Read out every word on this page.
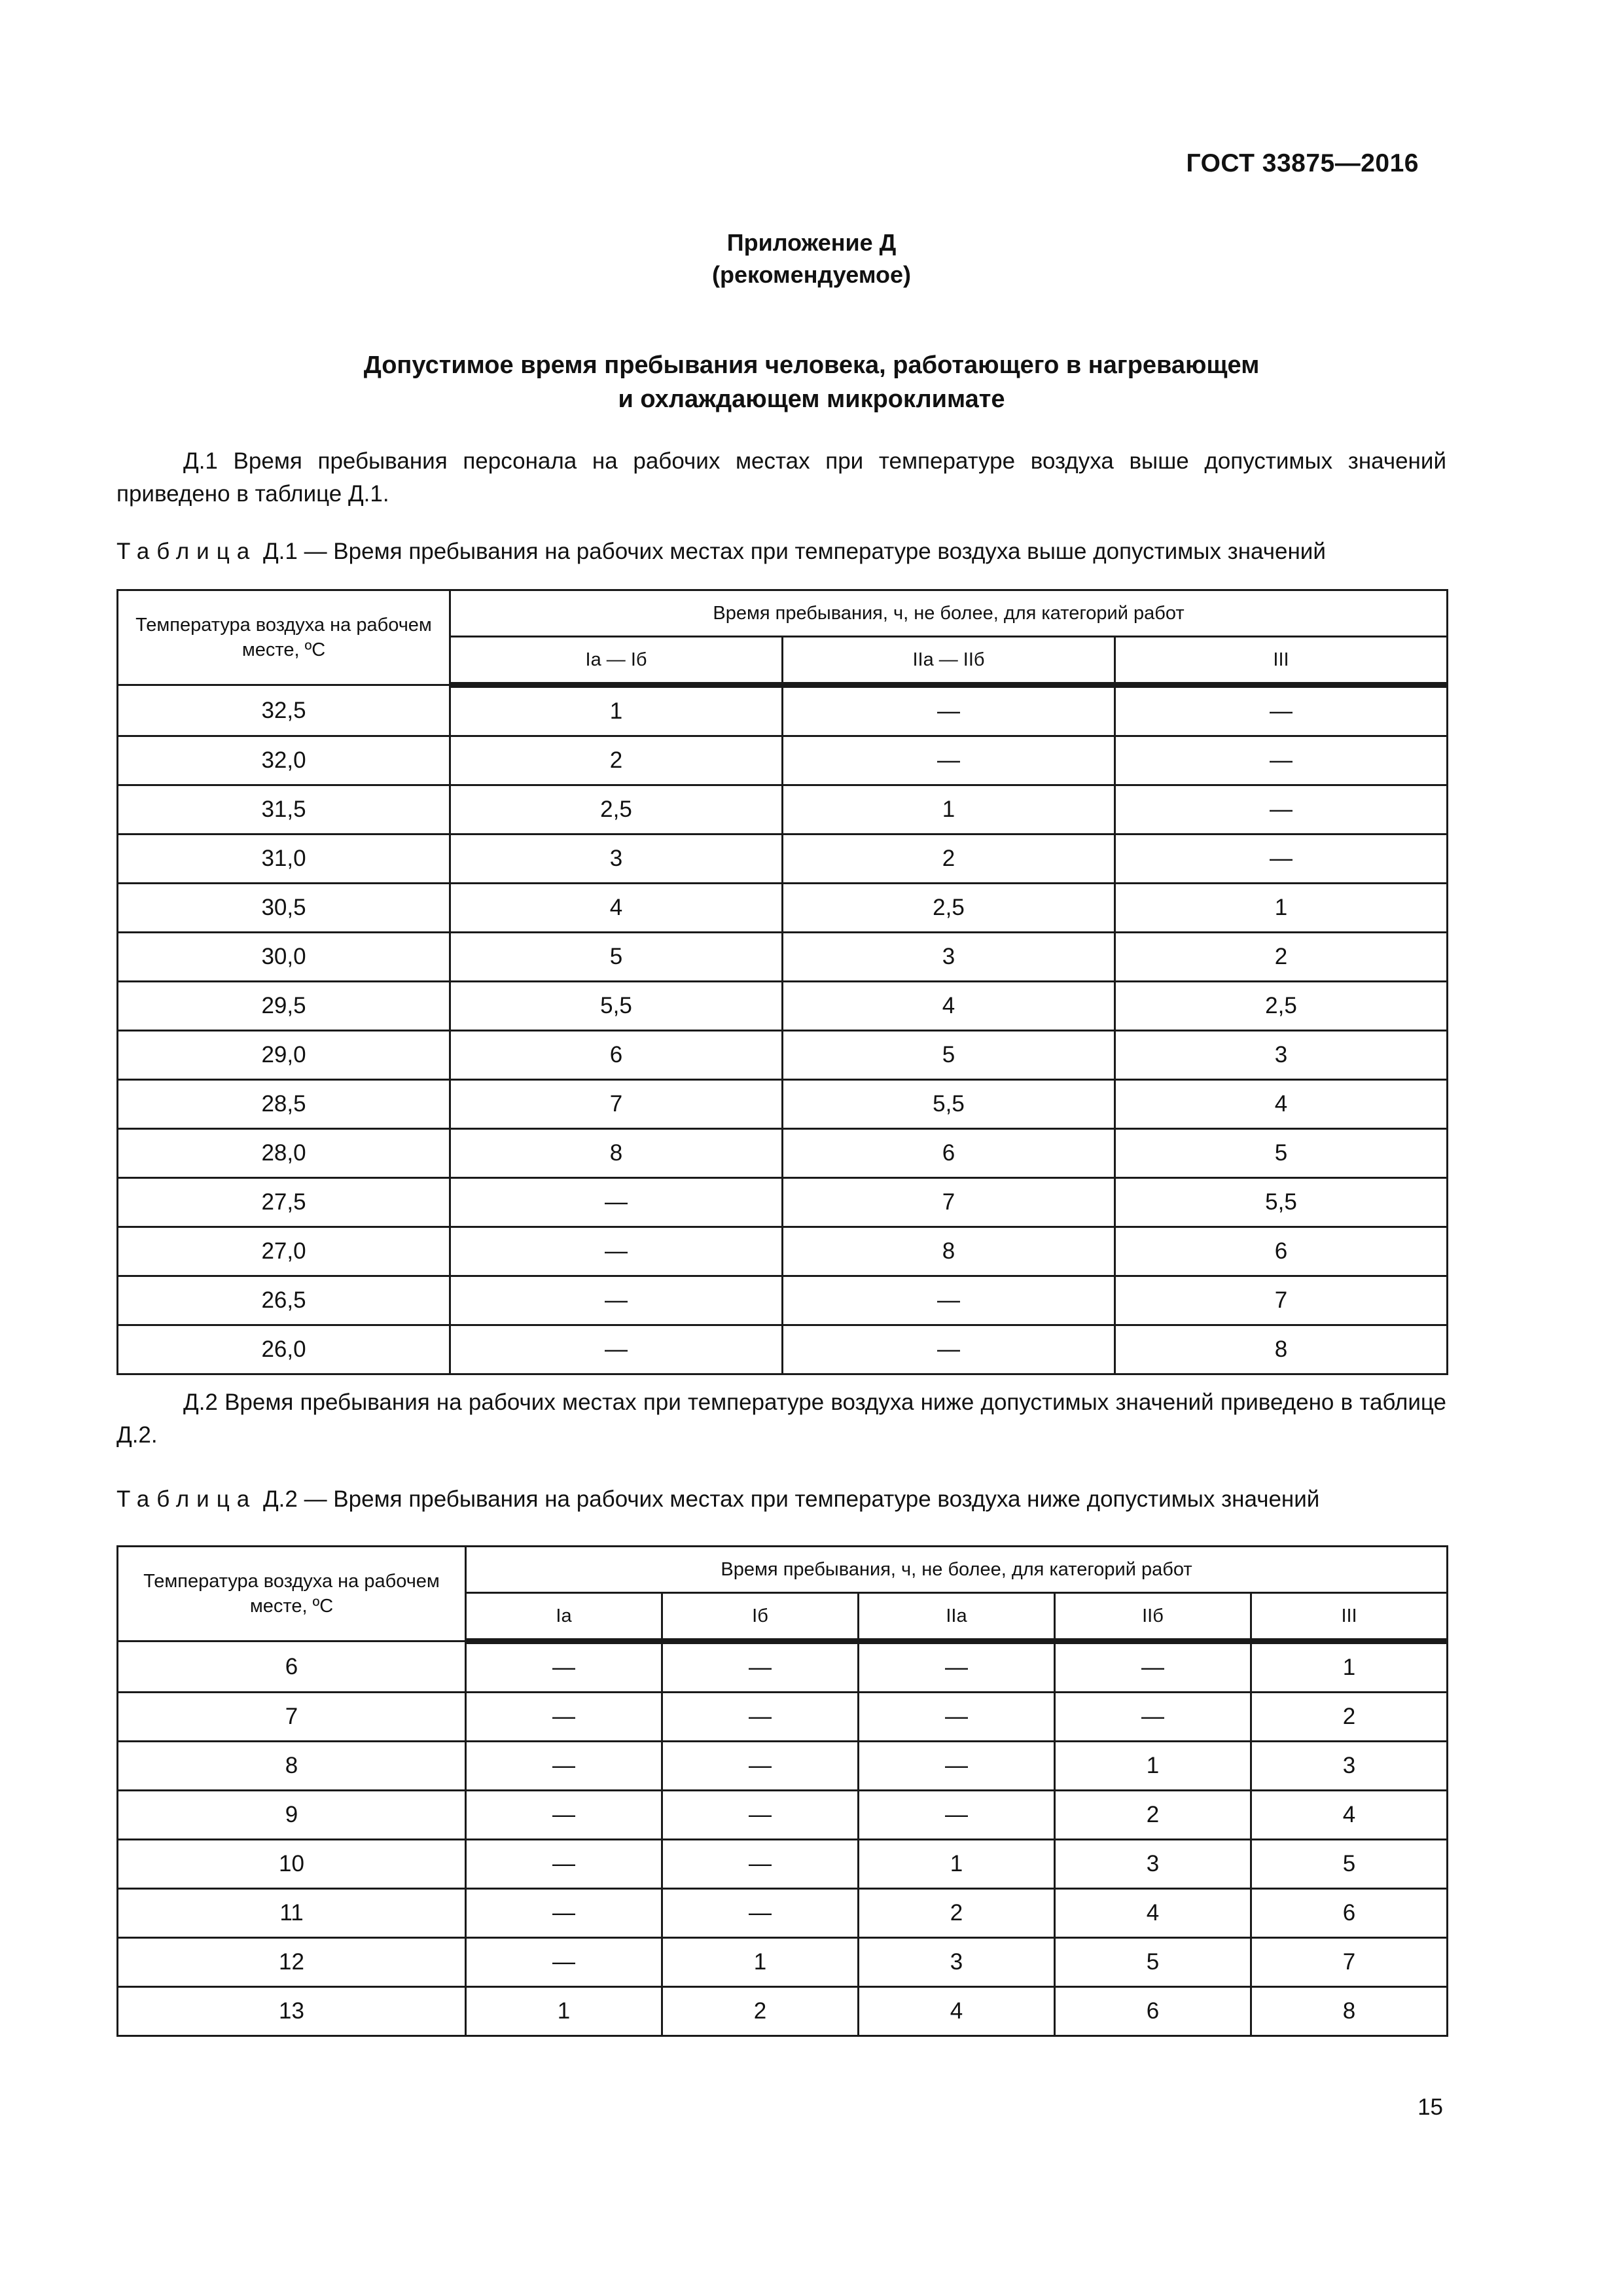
ГОСТ 33875—2016
Приложение Д
(рекомендуемое)
Допустимое время пребывания человека, работающего в нагревающем
и охлаждающем микроклимате
Д.1 Время пребывания персонала на рабочих местах при температуре воздуха выше допустимых значений приведено в таблице Д.1.
Таблица Д.1 — Время пребывания на рабочих местах при температуре воздуха выше допустимых значений
Температура воздуха на рабочем месте, ºС	Время пребывания, ч, не более, для категорий работ		
	Iа — Iб	IIа — IIб	III
32,5	1	—	—
32,0	2	—	—
31,5	2,5	1	—
31,0	3	2	—
30,5	4	2,5	1
30,0	5	3	2
29,5	5,5	4	2,5
29,0	6	5	3
28,5	7	5,5	4
28,0	8	6	5
27,5	—	7	5,5
27,0	—	8	6
26,5	—	—	7
26,0	—	—	8
Д.2 Время пребывания на рабочих местах при температуре воздуха ниже допустимых значений приведено в таблице Д.2.
Таблица Д.2 — Время пребывания на рабочих местах при температуре воздуха ниже допустимых значений
Температура воздуха на рабочем месте, ºС	Время пребывания, ч, не более, для категорий работ				
	Iа	Iб	IIа	IIб	III
6	—	—	—	—	1
7	—	—	—	—	2
8	—	—	—	1	3
9	—	—	—	2	4
10	—	—	1	3	5
11	—	—	2	4	6
12	—	1	3	5	7
13	1	2	4	6	8
15
